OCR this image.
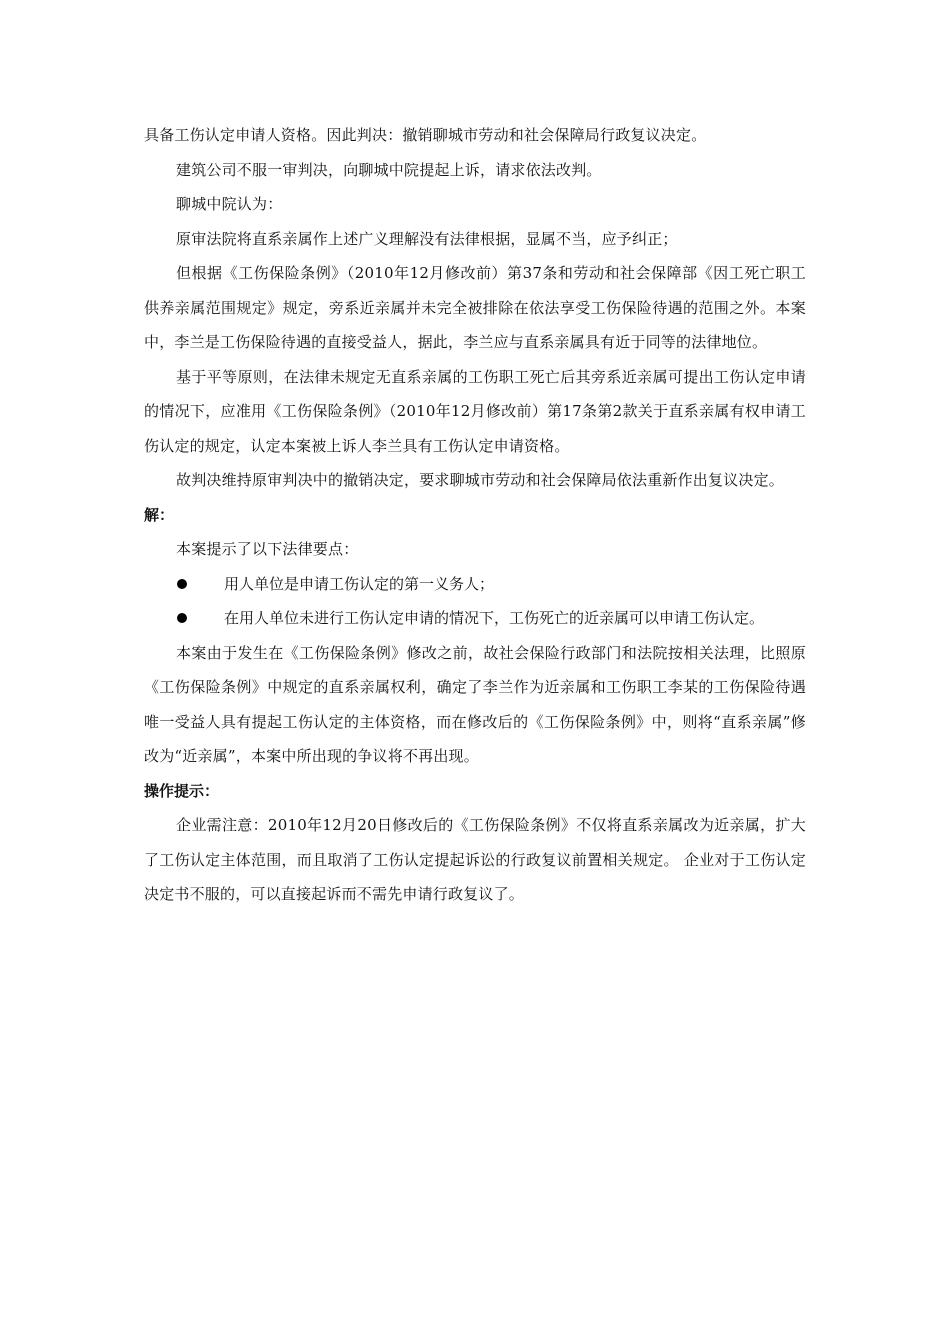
具备工伤认定申请人资格。因此判决：撤销聊城市劳动和社会保障局行政复议决定。

建筑公司不服一审判决，向聊城中院提起上诉，请求依法改判。

聊城中院认为：

原审法院将直系亲属作上述广义理解没有法律根据，显属不当，应予纠正；

但根据《工伤保险条例》（2010年12月修改前）第37条和劳动和社会保障部《因工死亡职工供养亲属范围规定》规定，旁系近亲属并未完全被排除在依法享受工伤保险待遇的范围之外。本案中，李兰是工伤保险待遇的直接受益人，据此，李兰应与直系亲属具有近于同等的法律地位。

基于平等原则，在法律未规定无直系亲属的工伤职工死亡后其旁系近亲属可提出工伤认定申请的情况下，应准用《工伤保险条例》（2010年12月修改前）第17条第2款关于直系亲属有权申请工伤认定的规定，认定本案被上诉人李兰具有工伤认定申请资格。

故判决维持原审判决中的撤销决定，要求聊城市劳动和社会保障局依法重新作出复议决定。

解：

本案提示了以下法律要点：

用人单位是申请工伤认定的第一义务人；
在用人单位未进行工伤认定申请的情况下，工伤死亡的近亲属可以申请工伤认定。

本案由于发生在《工伤保险条例》修改之前，故社会保险行政部门和法院按相关法理，比照原《工伤保险条例》中规定的直系亲属权利，确定了李兰作为近亲属和工伤职工李某的工伤保险待遇唯一受益人具有提起工伤认定的主体资格，而在修改后的《工伤保险条例》中，则将“直系亲属”修改为“近亲属”，本案中所出现的争议将不再出现。

操作提示：

企业需注意：2010年12月20日修改后的《工伤保险条例》不仅将直系亲属改为近亲属，扩大了工伤认定主体范围，而且取消了工伤认定提起诉讼的行政复议前置相关规定。 企业对于工伤认定决定书不服的，可以直接起诉而不需先申请行政复议了。
